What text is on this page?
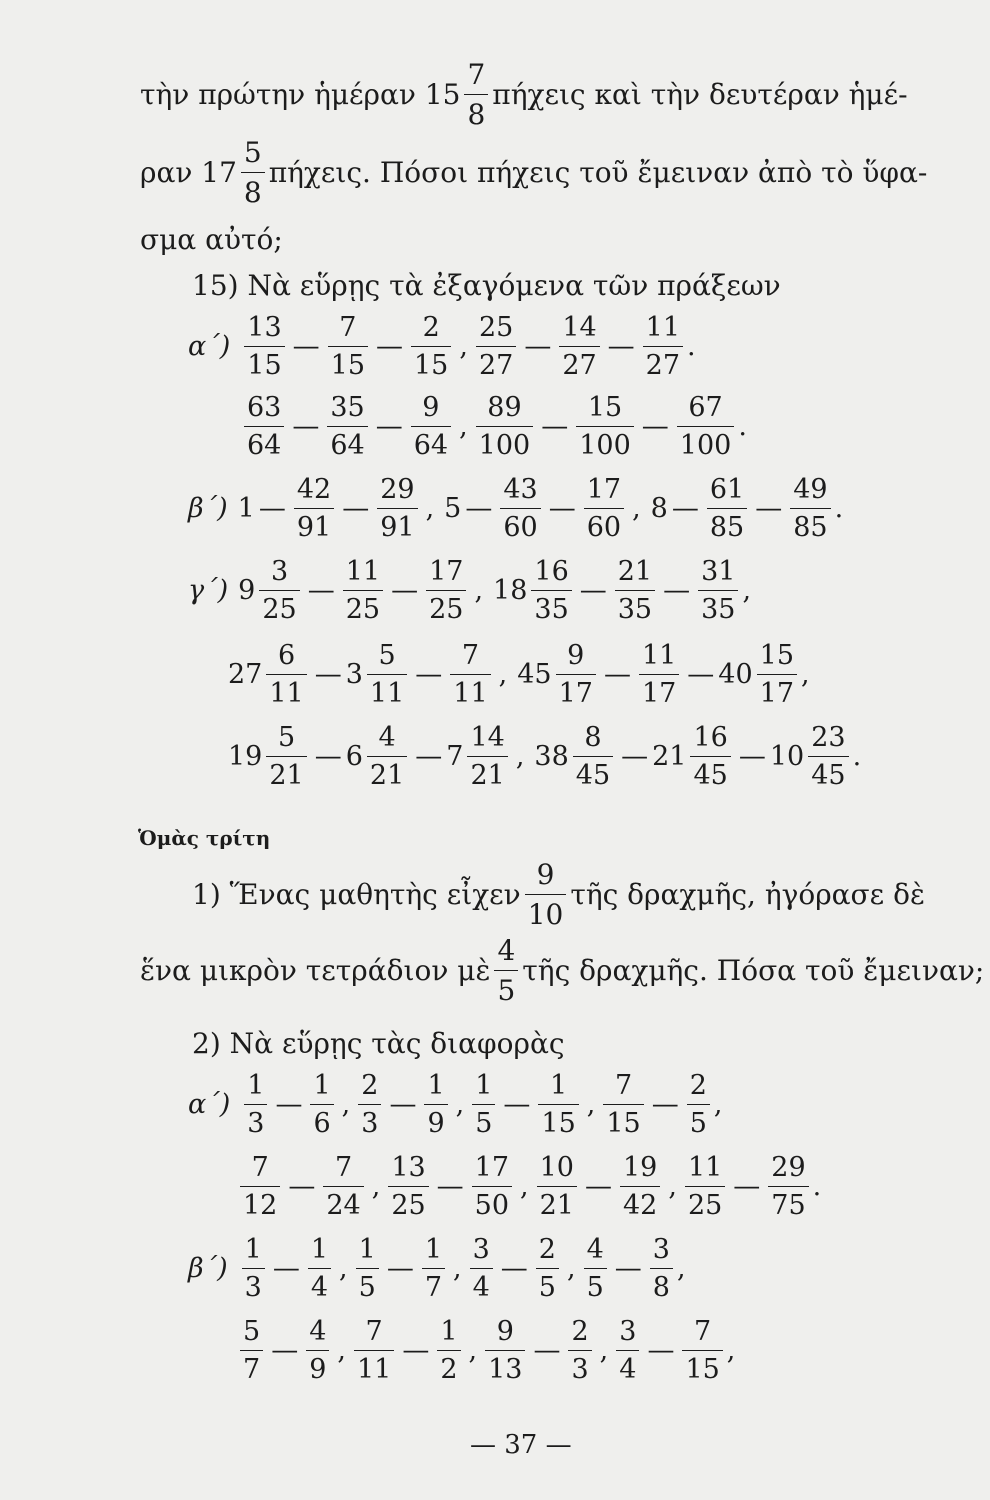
τὴν πρώτην ἡμέραν $15 \frac{7}{8}$ πήχεις καὶ τὴν δευτέραν ἡμέ-
ραν $17 \frac{5}{8} \pi ή\chi\varepsilon\iota\varsigma$. Πόσοι πήχεις τοῦ ἔμειναν ἀπὸ τὸ ὕφα-
σμα αὐτό;
15) Νὰ εὕρῃς τὰ ἐξαγόμενα τῶν πράξεων
$\alpha΄) \frac{13}{15}$ — $\frac{7}{15}$ — $\frac{2}{15}$ , $\frac{25}{27}$ — $\frac{14}{27}$ — $\frac{11}{27}$ .
$\frac{63}{64}$ — $\frac{35}{64}$ — $\frac{9}{64}$ , $\frac{89}{100}$ — $\frac{15}{100}$ — $\frac{67}{100}$ .
β΄) 1 — $\frac{42}{91}$ — $\frac{29}{91}$ , 5 — $\frac{43}{60}$ — $\frac{17}{60}$ , 8 — $\frac{61}{85}$ — $\frac{49}{85}$ .
γ΄) $9 \frac{3}{25}$ — $\frac{11}{25}$ — $\frac{17}{25}$ , $18 \frac{16}{35}$ — $\frac{21}{35}$ — $\frac{31}{35}$ ,
$27 \frac{6}{11}$ — $3 \frac{5}{11}$ — $\frac{7}{11}$ , $45 \frac{9}{17}$ — $\frac{11}{17}$ — $40 \frac{15}{17}$ ,
$19 \frac{5}{21}$ — $6 \frac{4}{21}$ — $7 \frac{14}{21}$ , $38 \frac{8}{45}$ — $21 \frac{16}{45}$ — $10 \frac{23}{45}$ .
Ὁμὰς τρίτη
1) Ἕνας μαθητὴς εἶχεν $\frac{9}{10}$ τῆς δραχμῆς, ἠγόρασε δὲ
ἕνα μικρὸν τετράδιον μὲ $\frac{4}{5}$ τῆς δραχμῆς. Πόσα τοῦ ἔμειναν;
2) Νὰ εὕρῃς τὰς διαφορὰς
$\alpha΄) \frac{1}{3}$ — $\frac{1}{6}$ , $\frac{2}{3}$ — $\frac{1}{9}$ , $\frac{1}{5}$ — $\frac{1}{15}$ , $\frac{7}{15}$ — $\frac{2}{5}$ ,
$\frac{7}{12}$ — $\frac{7}{24}$ , $\frac{13}{25}$ — $\frac{17}{50}$ , $\frac{10}{21}$ — $\frac{19}{42}$ , $\frac{11}{25}$ — $\frac{29}{75}$ .
$\beta΄) \frac{1}{3}$ — $\frac{1}{4}$ , $\frac{1}{5}$ — $\frac{1}{7}$ , $\frac{3}{4}$ — $\frac{2}{5}$ , $\frac{4}{5}$ — $\frac{3}{8}$ ,
$\frac{5}{7}$ — $\frac{4}{9}$ , $\frac{7}{11}$ — $\frac{1}{2}$ , $\frac{9}{13}$ — $\frac{2}{3}$ , $\frac{3}{4}$ — $\frac{7}{15}$ ,
— 37 —
